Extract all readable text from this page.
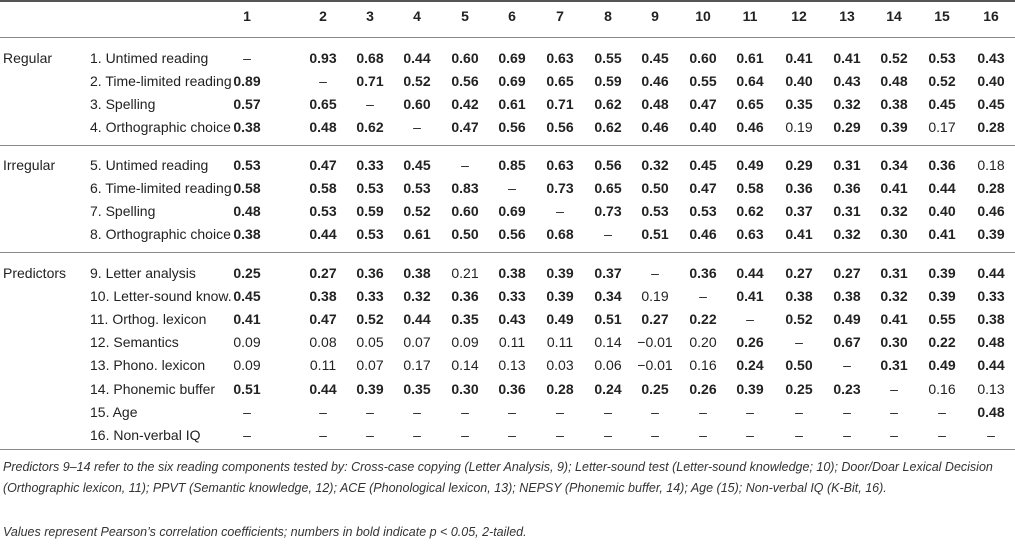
1	2	3	4	5	6	7	8	9	10	11	12	13	14	15	16
Regular	1. Untimed reading	–	0.93	0.68	0.44	0.60	0.69	0.63	0.55	0.45	0.60	0.61	0.41	0.41	0.52	0.53	0.43
2. Time-limited reading 0.89	–	0.71	0.52	0.56	0.69	0.65	0.59	0.46	0.55	0.64	0.40	0.43	0.48	0.52	0.40
3. Spelling	0.57	0.65	–	0.60	0.42	0.61	0.71	0.62	0.48	0.47	0.65	0.35	0.32	0.38	0.45	0.45
4. Orthographic choice 0.38	0.48	0.62	–	0.47	0.56	0.56	0.62	0.46	0.40	0.46	0.19	0.29	0.39	0.17	0.28
Irregular 5. Untimed reading	0.53	0.47	0.33	0.45	–	0.85	0.63	0.56	0.32	0.45	0.49	0.29	0.31	0.34	0.36	0.18
6. Time-limited reading 0.58	0.58	0.53	0.53	0.83	–	0.73	0.65	0.50	0.47	0.58	0.36	0.36	0.41	0.44	0.28
7. Spelling	0.48	0.53	0.59	0.52	0.60	0.69	–	0.73	0.53	0.53	0.62	0.37	0.31	0.32	0.40	0.46
8. Orthographic choice 0.38	0.44	0.53	0.61	0.50	0.56	0.68	–	0.51	0.46	0.63	0.41	0.32	0.30	0.41	0.39
Predictors 9. Letter analysis	0.25	0.27	0.36	0.38	0.21	0.38	0.39	0.37	–	0.36	0.44	0.27	0.27	0.31	0.39	0.44
10. Letter-sound know. 0.45	0.38	0.33	0.32	0.36	0.33	0.39	0.34	0.19	–	0.41	0.38	0.38	0.32	0.39	0.33
11. Orthog. lexicon	0.41	0.47	0.52	0.44	0.35	0.43	0.49	0.51	0.27	0.22	–	0.52	0.49	0.41	0.55	0.38
12. Semantics	0.09	0.08	0.05	0.07	0.09	0.11	0.11	0.14	−0.01	0.20	0.26	–	0.67	0.30	0.22	0.48
13. Phono. lexicon	0.09	0.11	0.07	0.17	0.14	0.13	0.03	0.06	−0.01	0.16	0.24	0.50	–	0.31	0.49	0.44
14. Phonemic buffer	0.51	0.44	0.39	0.35	0.30	0.36	0.28	0.24	0.25	0.26	0.39	0.25	0.23	–	0.16	0.13
15. Age	–	–	–	–	–	–	–	–	–	–	–	–	–	–	–	0.48
16. Non-verbal IQ	–	–	–	–	–	–	–	–	–	–	–	–	–	–	–	–
Predictors 9–14 refer to the six reading components tested by: Cross-case copying (Letter Analysis, 9); Letter-sound test (Letter-sound knowledge; 10); Door/Doar Lexical Decision (Orthographic lexicon, 11); PPVT (Semantic knowledge, 12); ACE (Phonological lexicon, 13); NEPSY (Phonemic buffer, 14); Age (15); Non-verbal IQ (K-Bit, 16).
Values represent Pearson’s correlation coefficients; numbers in bold indicate p < 0.05, 2-tailed.
